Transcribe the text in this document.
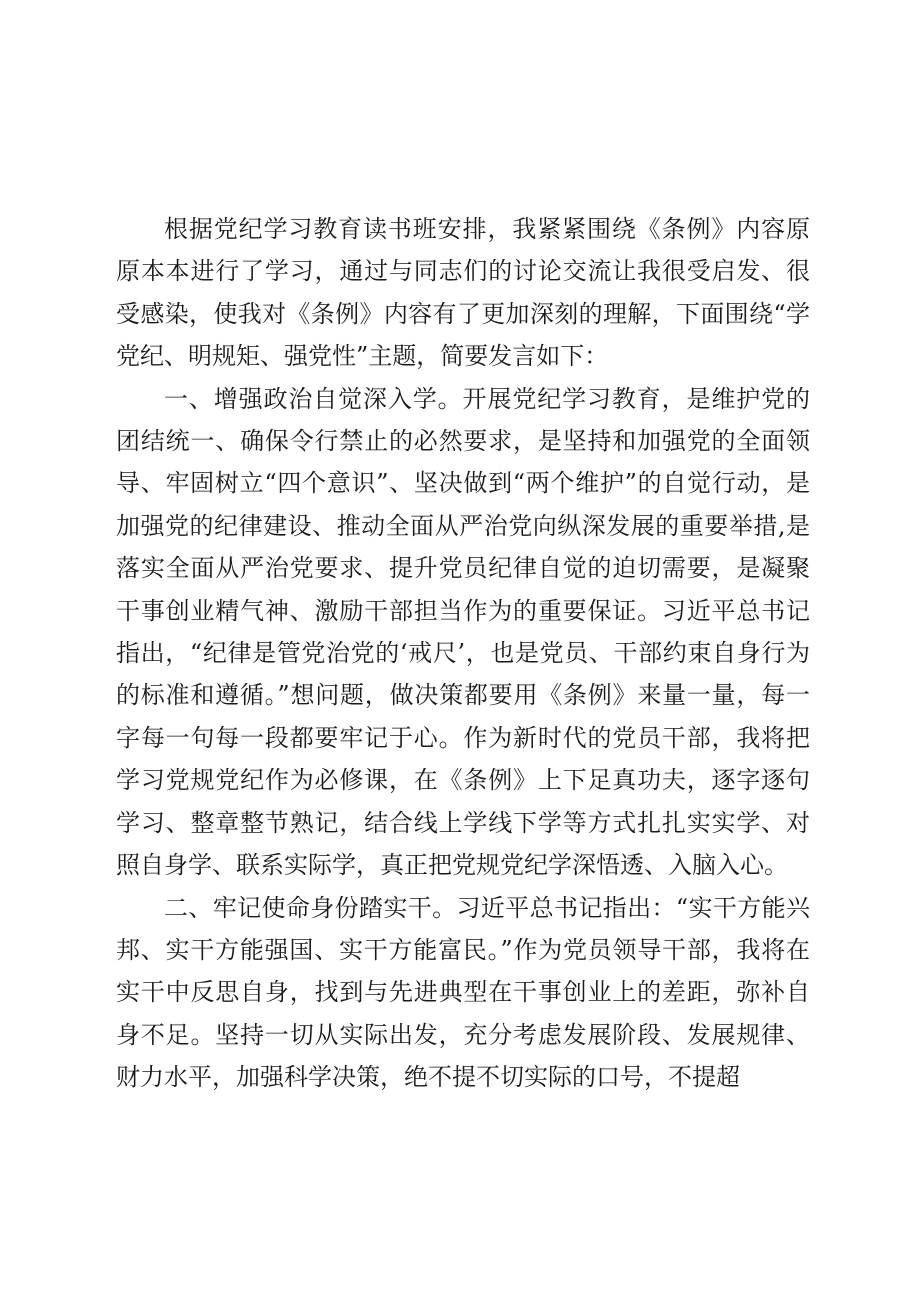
根据党纪学习教育读书班安排，我紧紧围绕《条例》内容原原本本进行了学习，通过与同志们的讨论交流让我很受启发、很受感染，使我对《条例》内容有了更加深刻的理解，下面围绕“学党纪、明规矩、强党性”主题，简要发言如下：

一、增强政治自觉深入学。开展党纪学习教育，是维护党的团结统一、确保令行禁止的必然要求，是坚持和加强党的全面领导、牢固树立“四个意识”、坚决做到“两个维护”的自觉行动，是加强党的纪律建设、推动全面从严治党向纵深发展的重要举措,是落实全面从严治党要求、提升党员纪律自觉的迫切需要，是凝聚干事创业精气神、激励干部担当作为的重要保证。习近平总书记指出，“纪律是管党治党的‘戒尺’，也是党员、干部约束自身行为的标准和遵循。”想问题，做决策都要用《条例》来量一量，每一字每一句每一段都要牢记于心。作为新时代的党员干部，我将把学习党规党纪作为必修课，在《条例》上下足真功夫，逐字逐句学习、整章整节熟记，结合线上学线下学等方式扎扎实实学、对照自身学、联系实际学，真正把党规党纪学深悟透、入脑入心。

二、牢记使命身份踏实干。习近平总书记指出：“实干方能兴邦、实干方能强国、实干方能富民。”作为党员领导干部，我将在实干中反思自身，找到与先进典型在干事创业上的差距，弥补自身不足。坚持一切从实际出发，充分考虑发展阶段、发展规律、财力水平，加强科学决策，绝不提不切实际的口号，不提超
